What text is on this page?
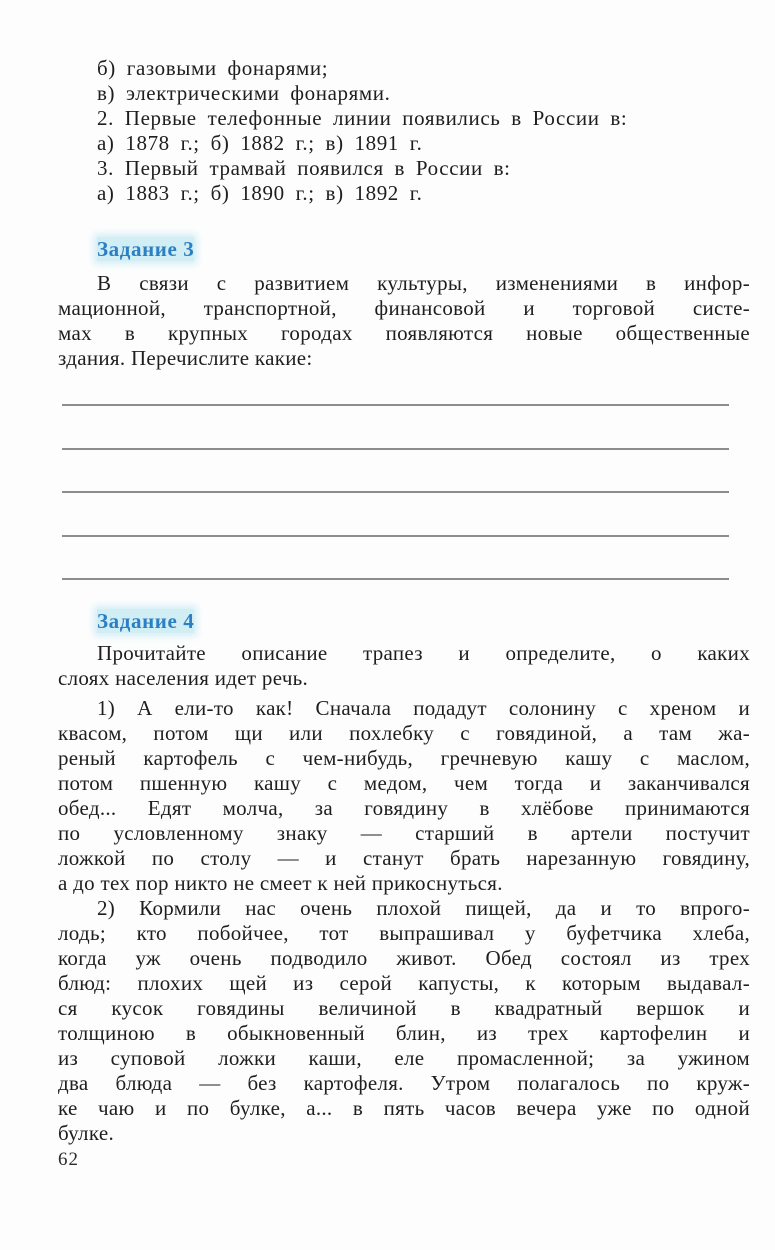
б) газовыми фонарями;
в) электрическими фонарями.
2. Первые телефонные линии появились в России в:
а) 1878 г.; б) 1882 г.; в) 1891 г.
3. Первый трамвай появился в России в:
а) 1883 г.; б) 1890 г.; в) 1892 г.
Задание 3
В связи с развитием культуры, изменениями в инфор-
мационной, транспортной, финансовой и торговой систе-
мах в крупных городах появляются новые общественные
здания. Перечислите какие:
Задание 4
Прочитайте описание трапез и определите, о каких
слоях населения идет речь.
1) А ели-то как! Сначала подадут солонину с хреном и
квасом, потом щи или похлебку с говядиной, а там жа-
реный картофель с чем-нибудь, гречневую кашу с маслом,
потом пшенную кашу с медом, чем тогда и заканчивался
обед... Едят молча, за говядину в хлёбове принимаются
по условленному знаку — старший в артели постучит
ложкой по столу — и станут брать нарезанную говядину,
а до тех пор никто не смеет к ней прикоснуться.
2) Кормили нас очень плохой пищей, да и то впрого-
лодь; кто побойчее, тот выпрашивал у буфетчика хлеба,
когда уж очень подводило живот. Обед состоял из трех
блюд: плохих щей из серой капусты, к которым выдавал-
ся кусок говядины величиной в квадратный вершок и
толщиною в обыкновенный блин, из трех картофелин и
из суповой ложки каши, еле промасленной; за ужином
два блюда — без картофеля. Утром полагалось по круж-
ке чаю и по булке, а... в пять часов вечера уже по одной
булке.
62
